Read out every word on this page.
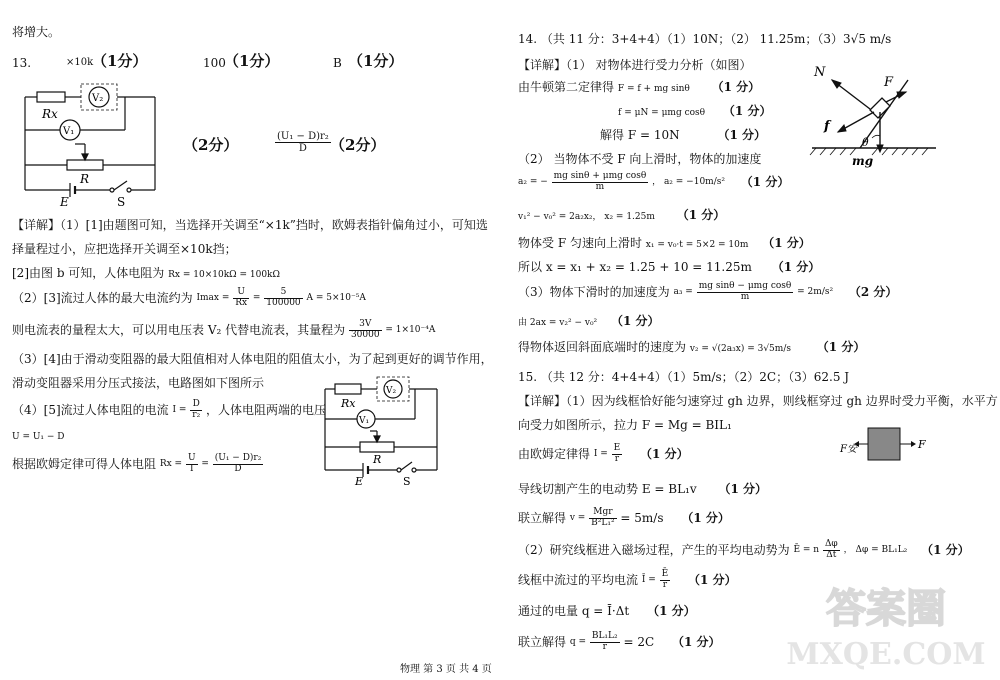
将增大。
13.	×10k
（1分）	100
（1分）	B （1分）
Rx
V₂
V₁
R
E	S
（2分）	$\frac{\text{(U₁ − D)r₂}}{D} (2$分）
【详解】（1）[1]由题图可知，当选择开关调至“×1k”挡时，欧姆表指针偏角过小，可知选
择量程过小，应把选择开关调至×10k挡；
[2]由图 b 可知，人体电阻为 Rx = 10×10kΩ = 100kΩ
（2）[3]流过人体的最大电流约为 $Imax = \frac{U}{Rx} = \frac{5}{100000}$ A = 5×10⁻⁵A
则电流表的量程太大，可以用电压表 V₂ 代替电流表，其量程为 $\frac{3V}{30000} = 1\times 10^{-4}A$
（3）[4]由于滑动变阻器的最大阻值相对人体电阻的阻值太小，为了起到更好的调节作用，
滑动变阻器采用分压式接法，电路图如下图所示
（4）[5]流过人体电阻的电流 $I = \frac{D}{\text{r₂}}$ ，人体电阻两端的电压
U = U₁ − D
根据欧姆定律可得人体电阻 $Rx = \frac{U}{I} = \frac{\text{(U₁ − D)r₂}}{D}$
Rx
V₂
V₁
R
E	S
14. （共 11 分：3+4+4）（1）10N；（2） 11.25m；（3）3√5 m/s
【详解】（1） 对物体进行受力分析（如图）
由牛顿第二定律得 F = f + mg sinθ （1 分）
f = μN = μmg cosθ （1 分）
解得 F = 10N	（1 分）
（2） 当物体不受 F 向上滑时，物体的加速度
a₂ = − $\frac{\text{mg sinθ + μmg cosθ}}{m}$ ， a₂ = −10m/s² （1 分）
v₁² − v₀² = 2a₂x₂， x₂ = 1.25m （1 分）
物体受 F 匀速向上滑时 x₁ = v₀·t = 5×2 = 10m （1 分）
所以 x = x₁ + x₂ = 1.25 + 10 = 11.25m （1 分）
（3）物体下滑时的加速度为 $a_3 = \frac{\text{mg sinθ − μmg cosθ}}{m} = 2m/s^2$ （2 分）
由 2ax = v₂² − v₀² （1 分）
得物体返回斜面底端时的速度为 v₂ = √(2a₃x) = 3√5m/s （1 分）
N
F
f
θ
mg
15. （共 12 分：4+4+4）（1）5m/s；（2）2C；（3）62.5 J
【详解】（1）因为线框恰好能匀速穿过 gh 边界，则线框穿过 gh 边界时受力平衡，水平方
向受力如图所示，拉力 F = Mg = BIL₁
由欧姆定律得 $I = \frac{E}{r} (1$ 分）
导线切割产生的电动势 E = BL₁v （1 分）
联立解得 $v = \frac{\text{Mgr}}{\text{B²L₁²}} = 5m/s$ （1 分）
（2）研究线框进入磁场过程，产生的平均电动势为 Ē = n $\frac{\Delta\varphi}{\Delta t}$ ， Δφ = BL₁L₂ （1 分）
线框中流过的平均电流 Ī = $\frac{Ē}{r} (1$ 分）
通过的电量 q = Ī·Δt （1 分）
联立解得 $q = \frac{\text{BL₁L₂}}{r} = 2C$ （1 分）
F安	F
物理 第 3 页 共 4 页
答案圈
MXQE.COM
